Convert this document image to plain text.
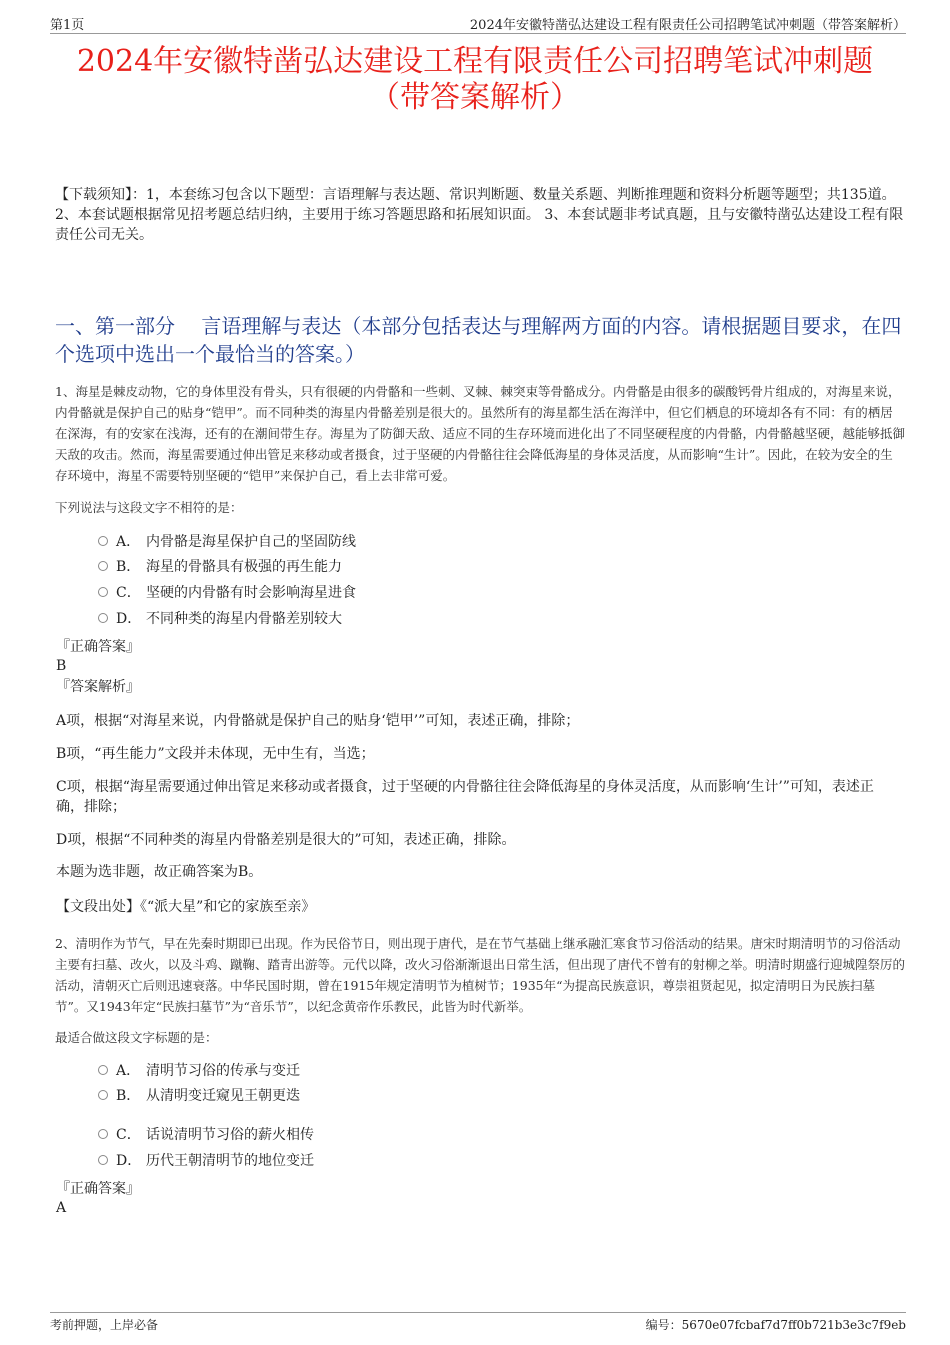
第1页	2024年安徽特凿弘达建设工程有限责任公司招聘笔试冲刺题（带答案解析）
2024年安徽特凿弘达建设工程有限责任公司招聘笔试冲刺题
（带答案解析）
【下载须知】：1，本套练习包含以下题型：言语理解与表达题、常识判断题、数量关系题、判断推理题和资料分析题等题型；共135道。 2、本套试题根据常见招考题总结归纳，主要用于练习答题思路和拓展知识面。 3、本套试题非考试真题，且与安徽特凿弘达建设工程有限责任公司无关。
一、第一部分　 言语理解与表达（本部分包括表达与理解两方面的内容。请根据题目要求，在四个选项中选出一个最恰当的答案。）
1、海星是棘皮动物，它的身体里没有骨头，只有很硬的内骨骼和一些刺、叉棘、棘突束等骨骼成分。内骨骼是由很多的碳酸钙骨片组成的，对海星来说，内骨骼就是保护自己的贴身“铠甲”。而不同种类的海星内骨骼差别是很大的。虽然所有的海星都生活在海洋中，但它们栖息的环境却各有不同：有的栖居在深海，有的安家在浅海，还有的在潮间带生存。海星为了防御天敌、适应不同的生存环境而进化出了不同坚硬程度的内骨骼，内骨骼越坚硬，越能够抵御天敌的攻击。然而，海星需要通过伸出管足来移动或者摄食，过于坚硬的内骨骼往往会降低海星的身体灵活度，从而影响“生计”。因此，在较为安全的生存环境中，海星不需要特别坚硬的“铠甲”来保护自己，看上去非常可爱。
下列说法与这段文字不相符的是：
A． 内骨骼是海星保护自己的坚固防线
B． 海星的骨骼具有极强的再生能力
C． 坚硬的内骨骼有时会影响海星进食
D． 不同种类的海星内骨骼差别较大
『正确答案』
B
『答案解析』
A项，根据“对海星来说，内骨骼就是保护自己的贴身‘铠甲’”可知，表述正确，排除；
B项，“再生能力”文段并未体现，无中生有，当选；
C项，根据“海星需要通过伸出管足来移动或者摄食，过于坚硬的内骨骼往往会降低海星的身体灵活度，从而影响‘生计’”可知，表述正确，排除；
D项，根据“不同种类的海星内骨骼差别是很大的”可知，表述正确，排除。
本题为选非题，故正确答案为B。
【文段出处】《“派大星”和它的家族至亲》
2、清明作为节气，早在先秦时期即已出现。作为民俗节日，则出现于唐代，是在节气基础上继承融汇寒食节习俗活动的结果。唐宋时期清明节的习俗活动主要有扫墓、改火，以及斗鸡、蹴鞠、踏青出游等。元代以降，改火习俗渐渐退出日常生活，但出现了唐代不曾有的射柳之举。明清时期盛行迎城隍祭厉的活动，清朝灭亡后则迅速衰落。中华民国时期，曾在1915年规定清明节为植树节；1935年“为提高民族意识，尊崇祖贤起见，拟定清明日为民族扫墓节”。又1943年定“民族扫墓节”为“音乐节”，以纪念黄帝作乐教民，此皆为时代新举。
最适合做这段文字标题的是：
A． 清明节习俗的传承与变迁
B． 从清明变迁窥见王朝更迭
C． 话说清明节习俗的薪火相传
D． 历代王朝清明节的地位变迁
『正确答案』
A
考前押题，上岸必备	编号：5670e07fcbaf7d7ff0b721b3e3c7f9eb
